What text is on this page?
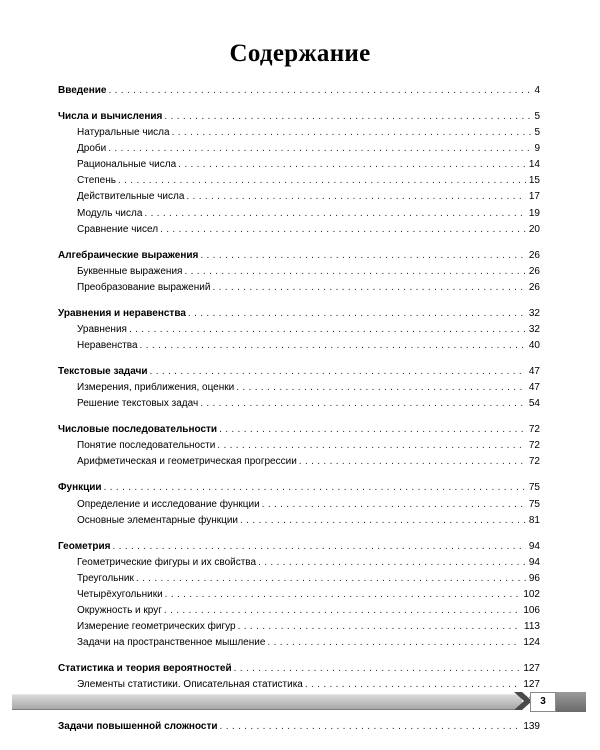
Содержание
Введение . . .	4
Числа и вычисления . . .	5
Натуральные числа . . .	5
Дроби . . .	9
Рациональные числа . . .	14
Степень . . .	15
Действительные числа . . .	17
Модуль числа . . .	19
Сравнение чисел . . .	20
Алгебраические выражения . . .	26
Буквенные выражения . . .	26
Преобразование выражений . . .	26
Уравнения и неравенства . . .	32
Уравнения . . .	32
Неравенства . . .	40
Текстовые задачи . . .	47
Измерения, приближения, оценки . . .	47
Решение текстовых задач . . .	54
Числовые последовательности . . .	72
Понятие последовательности . . .	72
Арифметическая и геометрическая прогрессии . . .	72
Функции . . .	75
Определение и исследование функции . . .	75
Основные элементарные функции . . .	81
Геометрия . . .	94
Геометрические фигуры и их свойства . . .	94
Треугольник . . .	96
Четырёхугольники . . .	102
Окружность и круг . . .	106
Измерение геометрических фигур . . .	113
Задачи на пространственное мышление . . .	124
Статистика и теория вероятностей . . .	127
Элементы статистики. Описательная статистика . . .	127
. . .
Задачи повышенной сложности . . .	139
3
